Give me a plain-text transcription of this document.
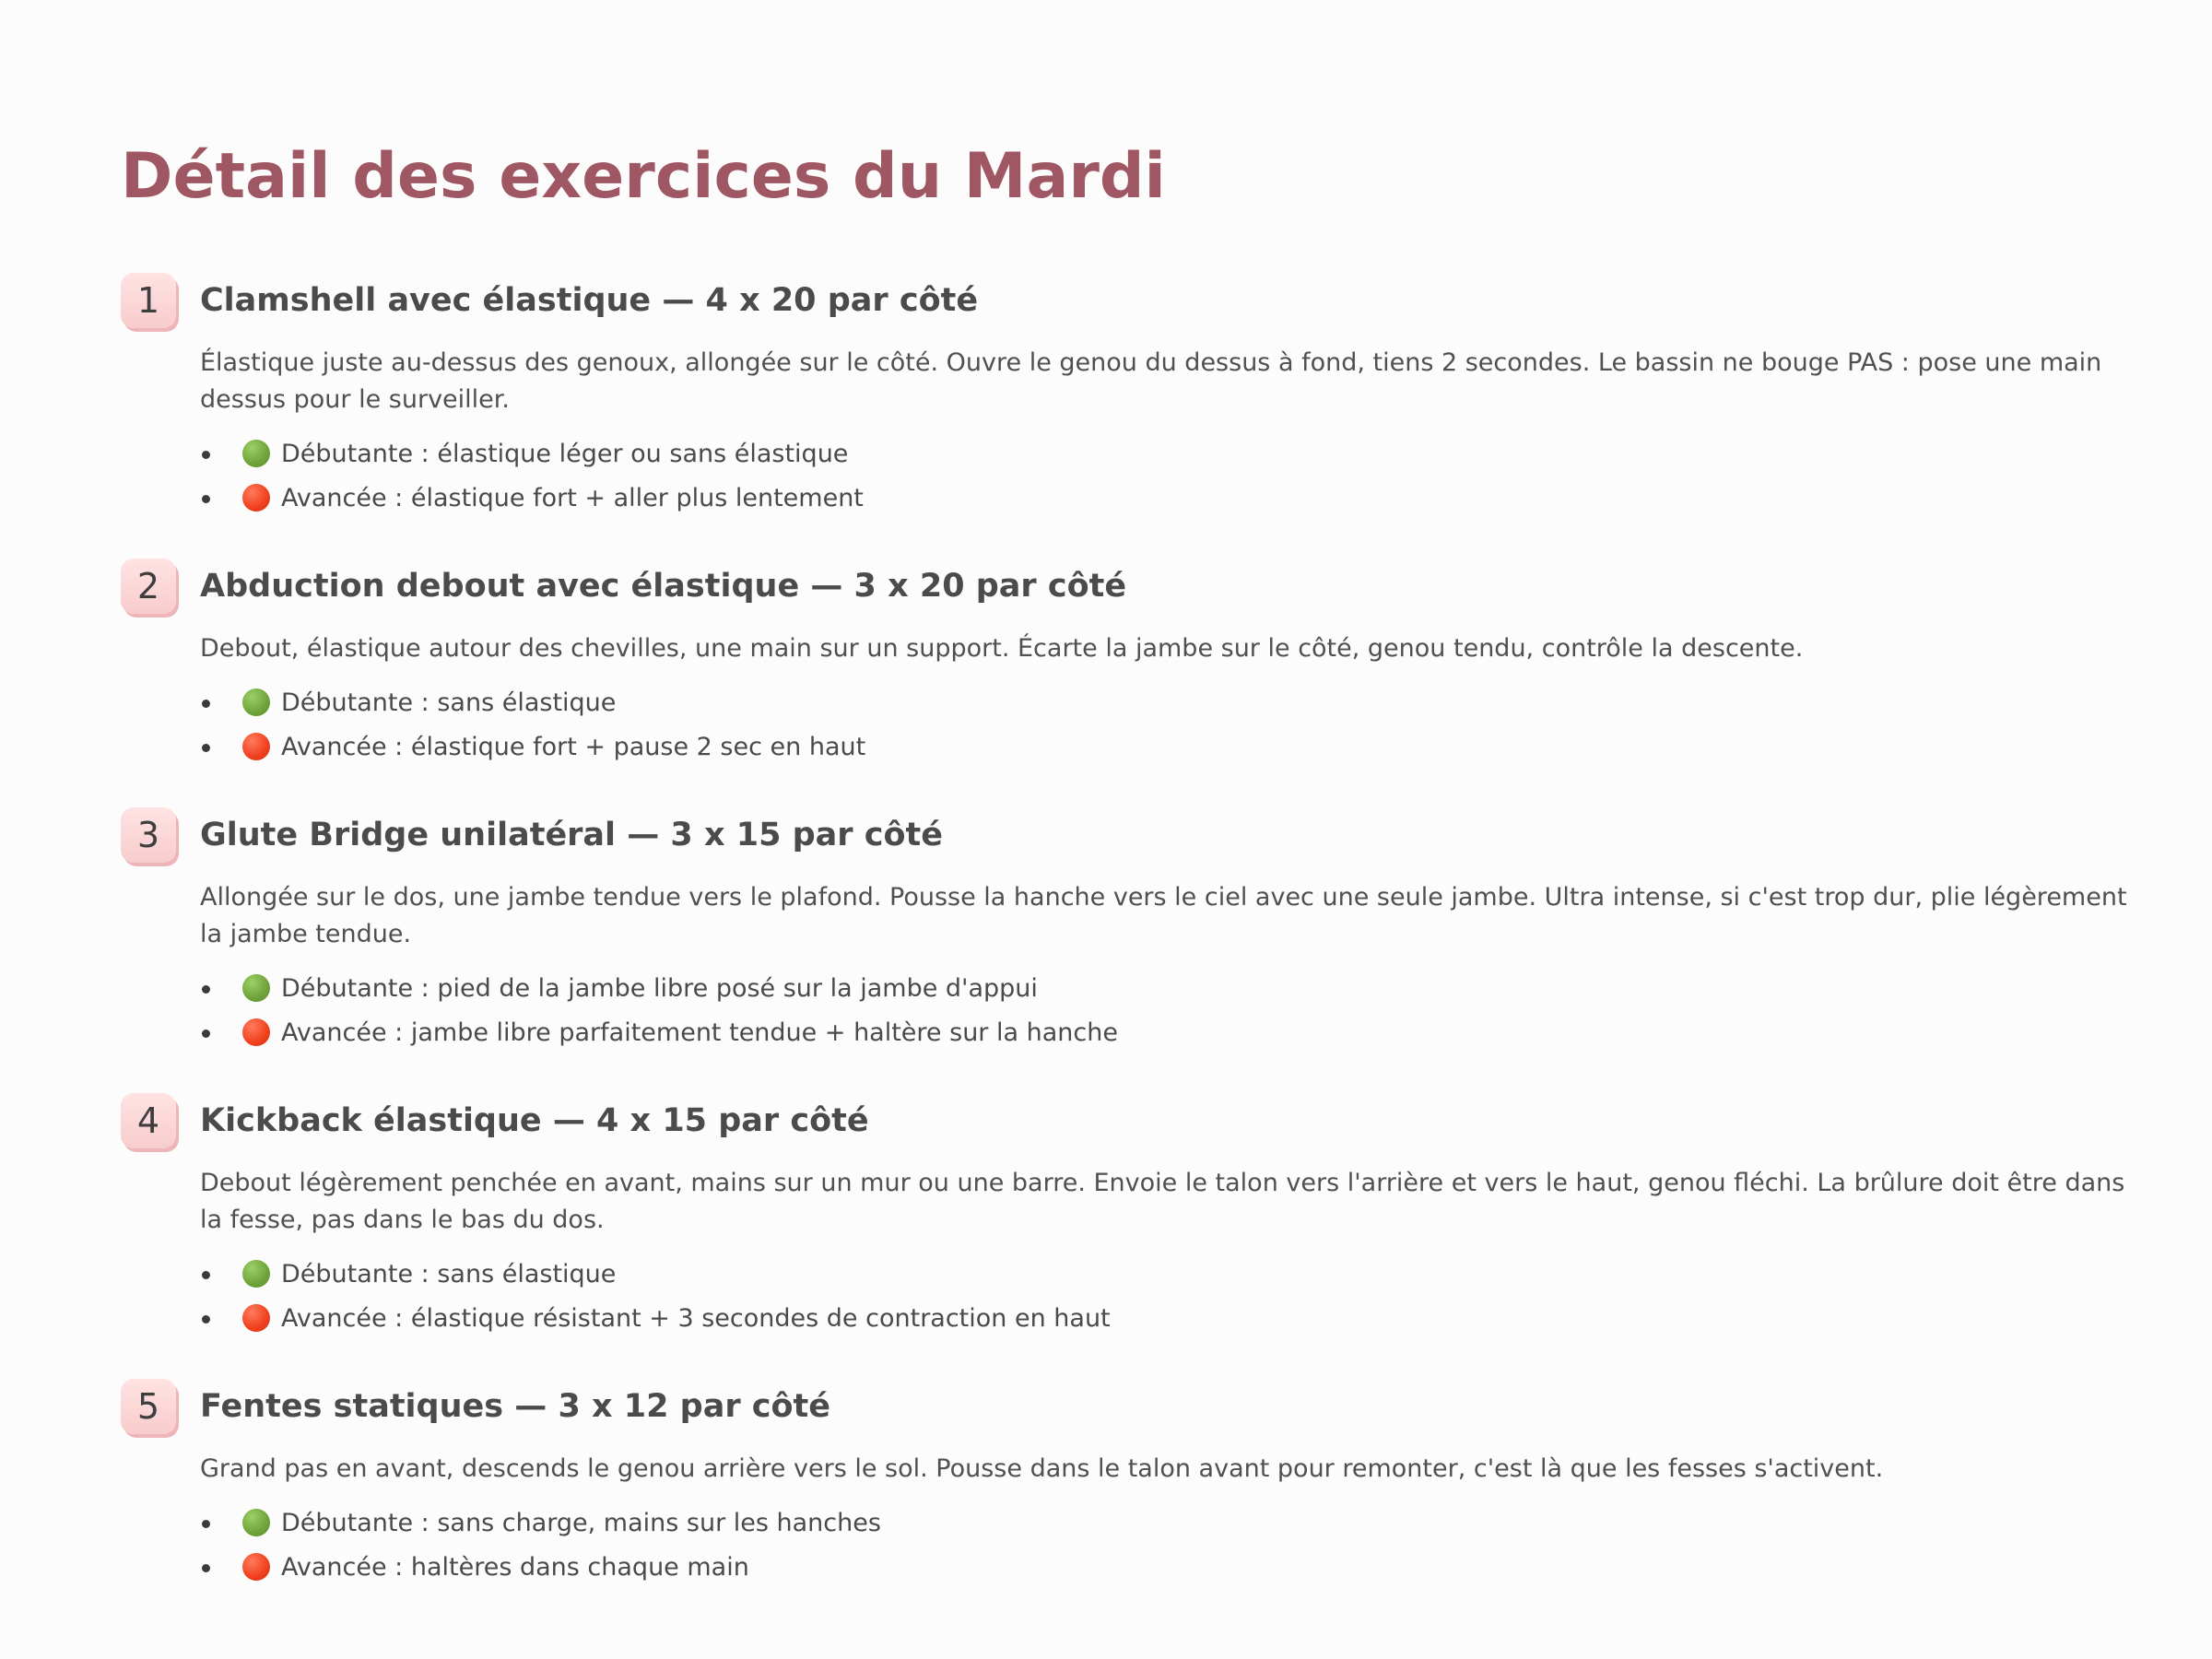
Détail des exercices du Mardi
1	Clamshell avec élastique — 4 x 20 par côté
Élastique juste au-dessus des genoux, allongée sur le côté. Ouvre le genou du dessus à fond, tiens 2 secondes. Le bassin ne bouge PAS : pose une main dessus pour le surveiller.
Débutante : élastique léger ou sans élastique
Avancée : élastique fort + aller plus lentement
2	Abduction debout avec élastique — 3 x 20 par côté
Debout, élastique autour des chevilles, une main sur un support. Écarte la jambe sur le côté, genou tendu, contrôle la descente.
Débutante : sans élastique
Avancée : élastique fort + pause 2 sec en haut
3	Glute Bridge unilatéral — 3 x 15 par côté
Allongée sur le dos, une jambe tendue vers le plafond. Pousse la hanche vers le ciel avec une seule jambe. Ultra intense, si c'est trop dur, plie légèrement la jambe tendue.
Débutante : pied de la jambe libre posé sur la jambe d'appui
Avancée : jambe libre parfaitement tendue + haltère sur la hanche
4	Kickback élastique — 4 x 15 par côté
Debout légèrement penchée en avant, mains sur un mur ou une barre. Envoie le talon vers l'arrière et vers le haut, genou fléchi. La brûlure doit être dans la fesse, pas dans le bas du dos.
Débutante : sans élastique
Avancée : élastique résistant + 3 secondes de contraction en haut
5	Fentes statiques — 3 x 12 par côté
Grand pas en avant, descends le genou arrière vers le sol. Pousse dans le talon avant pour remonter, c'est là que les fesses s'activent.
Débutante : sans charge, mains sur les hanches
Avancée : haltères dans chaque main
